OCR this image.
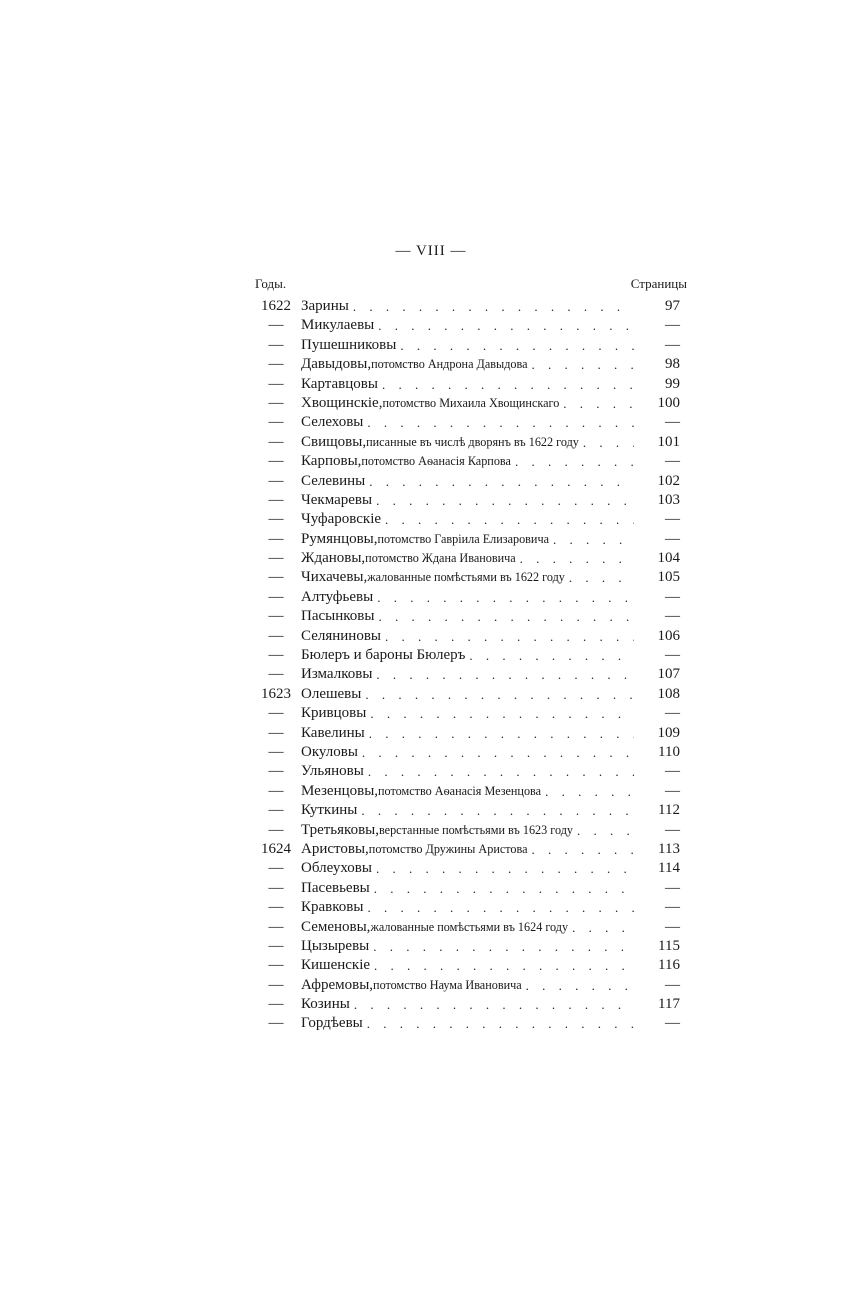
— VIII —
Годы.	Страницы
1622 Зарины . . .	97
—	Микулаевы . . .	—
—	Пушешниковы . . .	—
—	Давыдовы, потомство Андрона Давыдова . . .	98
—	Картавцовы . . .	99
—	Хвощинскіе, потомство Михаила Хвощинскаго . . .	100
—	Селеховы . . .	—
—	Свищовы, писанные въ числѣ дворянъ въ 1622 году . . .	101
—	Карповы, потомство Аѳанасія Карпова . . .	—
—	Селевины . . .	102
—	Чекмаревы . . .	103
—	Чуфаровскіе . . .	—
—	Румянцовы, потомство Гавріила Елизаровича . . .	—
—	Ждановы, потомство Ждана Ивановича . . .	104
—	Чихачевы, жалованные помѣстьями въ 1622 году . . .	105
—	Алтуфьевы . . .	—
—	Пасынковы . . .	—
—	Селяниновы . . .	106
—	Бюлеръ и бароны Бюлеръ . . .	—
—	Измалковы . . .	107
1623 Олешевы . . .	108
—	Кривцовы . . .	—
—	Кавелины . . .	109
—	Окуловы . . .	110
—	Ульяновы . . .	—
—	Мезенцовы, потомство Аѳанасія Мезенцова . . .	—
—	Куткины . . .	112
—	Третьяковы, верстанные помѣстьями въ 1623 году . . .	—
1624 Аристовы, потомство Дружины Аристова . . .	113
—	Облеуховы . . .	114
—	Пасевьевы . . .	—
—	Кравковы . . .	—
—	Семеновы, жалованные помѣстьями въ 1624 году . . .	—
—	Цызыревы . . .	115
—	Кишенскіе . . .	116
—	Афремовы, потомство Наума Ивановича . . .	—
—	Козины . . .	117
—	Гордѣевы . . .	—
